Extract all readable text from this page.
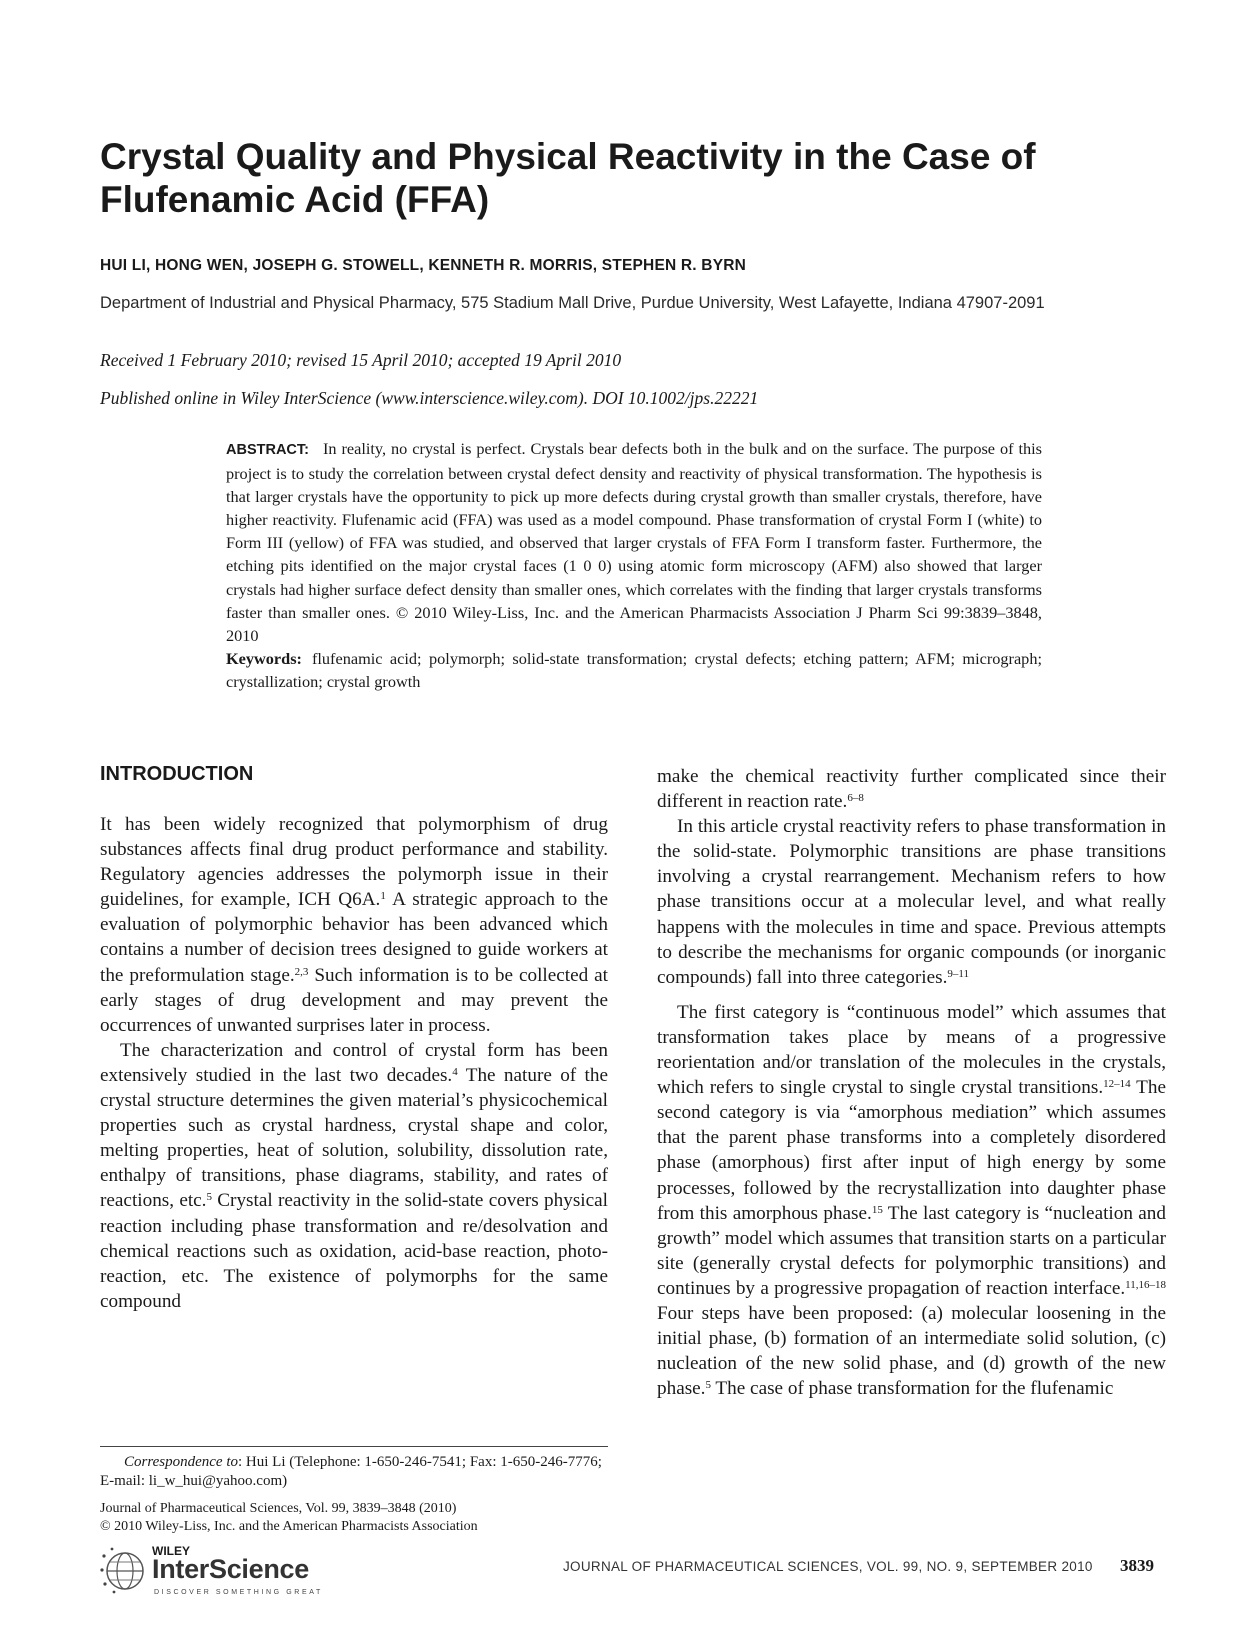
Crystal Quality and Physical Reactivity in the Case of
Flufenamic Acid (FFA)
HUI LI, HONG WEN, JOSEPH G. STOWELL, KENNETH R. MORRIS, STEPHEN R. BYRN
Department of Industrial and Physical Pharmacy, 575 Stadium Mall Drive, Purdue University, West Lafayette, Indiana 47907-2091
Received 1 February 2010; revised 15 April 2010; accepted 19 April 2010
Published online in Wiley InterScience (www.interscience.wiley.com). DOI 10.1002/jps.22221

ABSTRACT: In reality, no crystal is perfect. Crystals bear defects both in the bulk and on the surface. The purpose of this project is to study the correlation between crystal defect density and reactivity of physical transformation. The hypothesis is that larger crystals have the opportunity to pick up more defects during crystal growth than smaller crystals, therefore, have higher reactivity. Flufenamic acid (FFA) was used as a model compound. Phase transformation of crystal Form I (white) to Form III (yellow) of FFA was studied, and observed that larger crystals of FFA Form I transform faster. Furthermore, the etching pits identified on the major crystal faces (1 0 0) using atomic form microscopy (AFM) also showed that larger crystals had higher surface defect density than smaller ones, which correlates with the finding that larger crystals transforms faster than smaller ones. © 2010 Wiley-Liss, Inc. and the American Pharmacists Association J Pharm Sci 99:3839–3848, 2010

Keywords: flufenamic acid; polymorph; solid-state transformation; crystal defects; etching pattern; AFM; micrograph; crystallization; crystal growth

INTRODUCTION

It has been widely recognized that polymorphism of drug substances affects final drug product performance and stability. Regulatory agencies addresses the polymorph issue in their guidelines, for example, ICH Q6A.$^1$ A strategic approach to the evaluation of polymorphic behavior has been advanced which contains a number of decision trees designed to guide workers at the preformulation stage.$^{2,3}$ Such information is to be collected at early stages of drug development and may prevent the occurrences of unwanted surprises later in process.

The characterization and control of crystal form has been extensively studied in the last two decades.$^4$ The nature of the crystal structure determines the given material’s physicochemical properties such as crystal hardness, crystal shape and color, melting properties, heat of solution, solubility, dissolution rate, enthalpy of transitions, phase diagrams, stability, and rates of reactions, etc.$^5$ Crystal reactivity in the solid-state covers physical reaction including phase transformation and re/desolvation and chemical reactions such as oxidation, acid-base reaction, photo-reaction, etc. The existence of polymorphs for the same compound

make the chemical reactivity further complicated since their different in reaction rate.$^{6-8}$

In this article crystal reactivity refers to phase transformation in the solid-state. Polymorphic transitions are phase transitions involving a crystal rearrangement. Mechanism refers to how phase transitions occur at a molecular level, and what really happens with the molecules in time and space. Previous attempts to describe the mechanisms for organic compounds (or inorganic compounds) fall into three categories.$^{9-11}$

The first category is “continuous model” which assumes that transformation takes place by means of a progressive reorientation and/or translation of the molecules in the crystals, which refers to single crystal to single crystal transitions.$^{12-14}$ The second category is via “amorphous mediation” which assumes that the parent phase transforms into a completely disordered phase (amorphous) first after input of high energy by some processes, followed by the recrystallization into daughter phase from this amorphous phase.$^{15}$ The last category is “nucleation and growth” model which assumes that transition starts on a particular site (generally crystal defects for polymorphic transitions) and continues by a progressive propagation of reaction interface.$^{11,16-18}$ Four steps have been proposed: (a) molecular loosening in the initial phase, (b) formation of an intermediate solid solution, (c) nucleation of the new solid phase, and (d) growth of the new phase.$^5$ The case of phase transformation for the flufenamic

Correspondence to: Hui Li (Telephone: 1-650-246-7541; Fax: 1-650-246-7776; E-mail: li_w_hui@yahoo.com)

Journal of Pharmaceutical Sciences, Vol. 99, 3839–3848 (2010)
© 2010 Wiley-Liss, Inc. and the American Pharmacists Association
WILEY
InterScience
DISCOVER SOMETHING GREAT
JOURNAL OF PHARMACEUTICAL SCIENCES, VOL. 99, NO. 9, SEPTEMBER 2010 3839
